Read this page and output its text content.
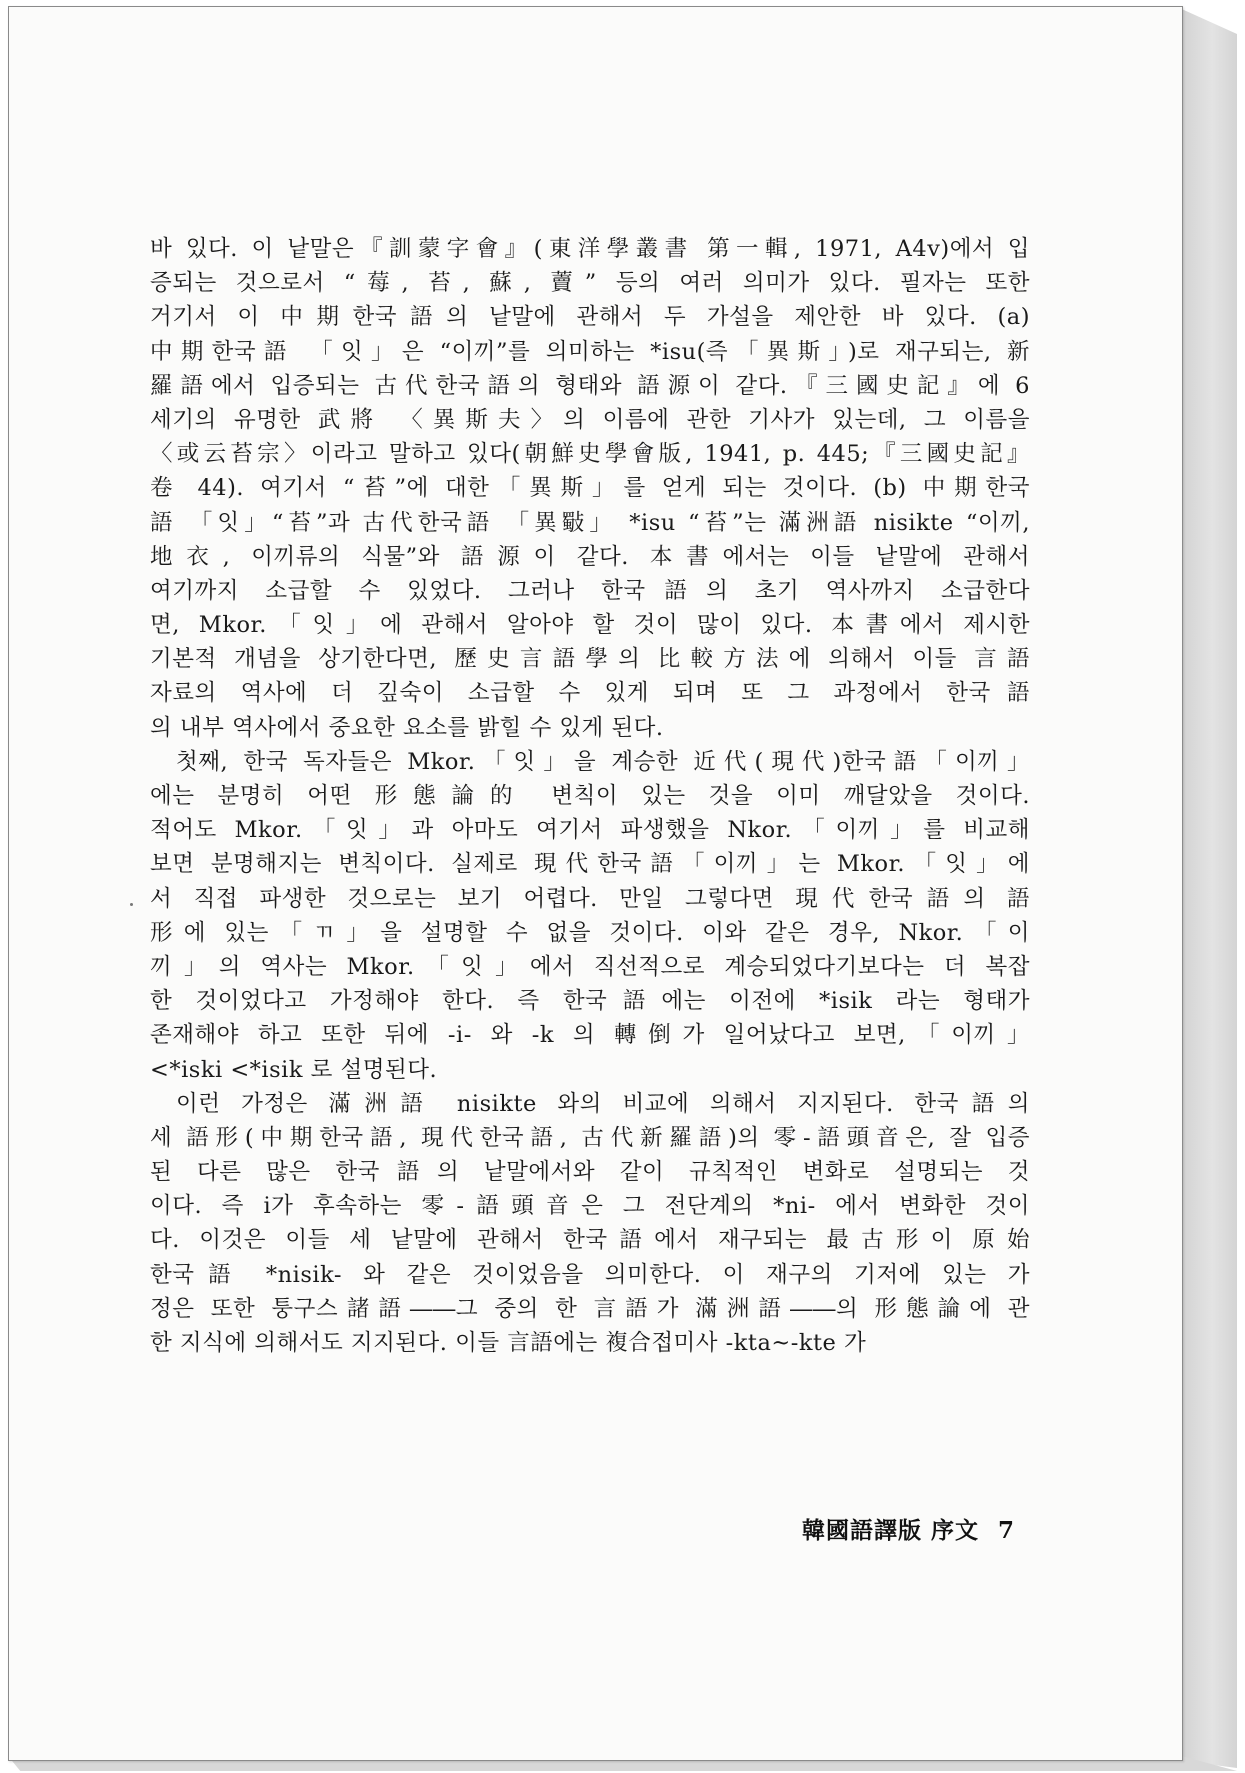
바 있다. 이 낱말은『訓蒙字會』(東洋學叢書 第一輯, 1971, A4v)에서 입
증되는 것으로서 “莓, 苔, 蘇, 藚” 등의 여러 의미가 있다. 필자는 또한
거기서 이 中期한국語의 낱말에 관해서 두 가설을 제안한 바 있다. (a)
中期한국語 「잇」은 “이끼”를 의미하는 *isu(즉「異斯」)로 재구되는, 新
羅語에서 입증되는 古代한국語의 형태와 語源이 같다.『三國史記』에 6
세기의 유명한 武將 〈異斯夫〉의 이름에 관한 기사가 있는데, 그 이름을
〈或云苔宗〉이라고 말하고 있다(朝鮮史學會版, 1941, p. 445;『三國史記』
卷 44). 여기서 “苔”에 대한「異斯」를 얻게 되는 것이다. (b) 中期한국
語 「잇」“苔”과 古代한국語 「異斀」 *isu “苔”는 滿洲語 nisikte “이끼,
地衣, 이끼류의 식물”와 語源이 같다. 本書에서는 이들 낱말에 관해서
여기까지 소급할 수 있었다. 그러나 한국語의 초기 역사까지 소급한다
면, Mkor.「잇」에 관해서 알아야 할 것이 많이 있다. 本書에서 제시한
기본적 개념을 상기한다면, 歷史言語學의 比較方法에 의해서 이들 言語
자료의 역사에 더 깊숙이 소급할 수 있게 되며 또 그 과정에서 한국語
의 내부 역사에서 중요한 요소를 밝힐 수 있게 된다.
첫째, 한국 독자들은 Mkor.「잇」을 계승한 近代(現代)한국語「이끼」
에는 분명히 어떤 形態論的 변칙이 있는 것을 이미 깨달았을 것이다.
적어도 Mkor.「잇」과 아마도 여기서 파생했을 Nkor.「이끼」를 비교해
보면 분명해지는 변칙이다. 실제로 現代한국語「이끼」는 Mkor.「잇」에
서 직접 파생한 것으로는 보기 어렵다. 만일 그렇다면 現代한국語의 語
形에 있는「ㄲ」을 설명할 수 없을 것이다. 이와 같은 경우, Nkor.「이
끼」의 역사는 Mkor.「잇」에서 직선적으로 계승되었다기보다는 더 복잡
한 것이었다고 가정해야 한다. 즉 한국語에는 이전에 *isik 라는 형태가
존재해야 하고 또한 뒤에 -i- 와 -k 의 轉倒가 일어났다고 보면,「이끼」
<*iski <*isik 로 설명된다.
이런 가정은 滿洲語 nisikte 와의 비교에 의해서 지지된다. 한국語의
세 語形(中期한국語, 現代한국語, 古代新羅語)의 零-語頭音은, 잘 입증
된 다른 많은 한국語의 낱말에서와 같이 규칙적인 변화로 설명되는 것
이다. 즉 i가 후속하는 零-語頭音은 그 전단계의 *ni- 에서 변화한 것이
다. 이것은 이들 세 낱말에 관해서 한국語에서 재구되는 最古形이 原始
한국語 *nisik- 와 같은 것이었음을 의미한다. 이 재구의 기저에 있는 가
정은 또한 퉁구스諸語――그 중의 한 言語가 滿洲語――의 形態論에 관
한 지식에 의해서도 지지된다. 이들 言語에는 複合접미사 -kta~-kte 가
韓國語譯版 序文 7
